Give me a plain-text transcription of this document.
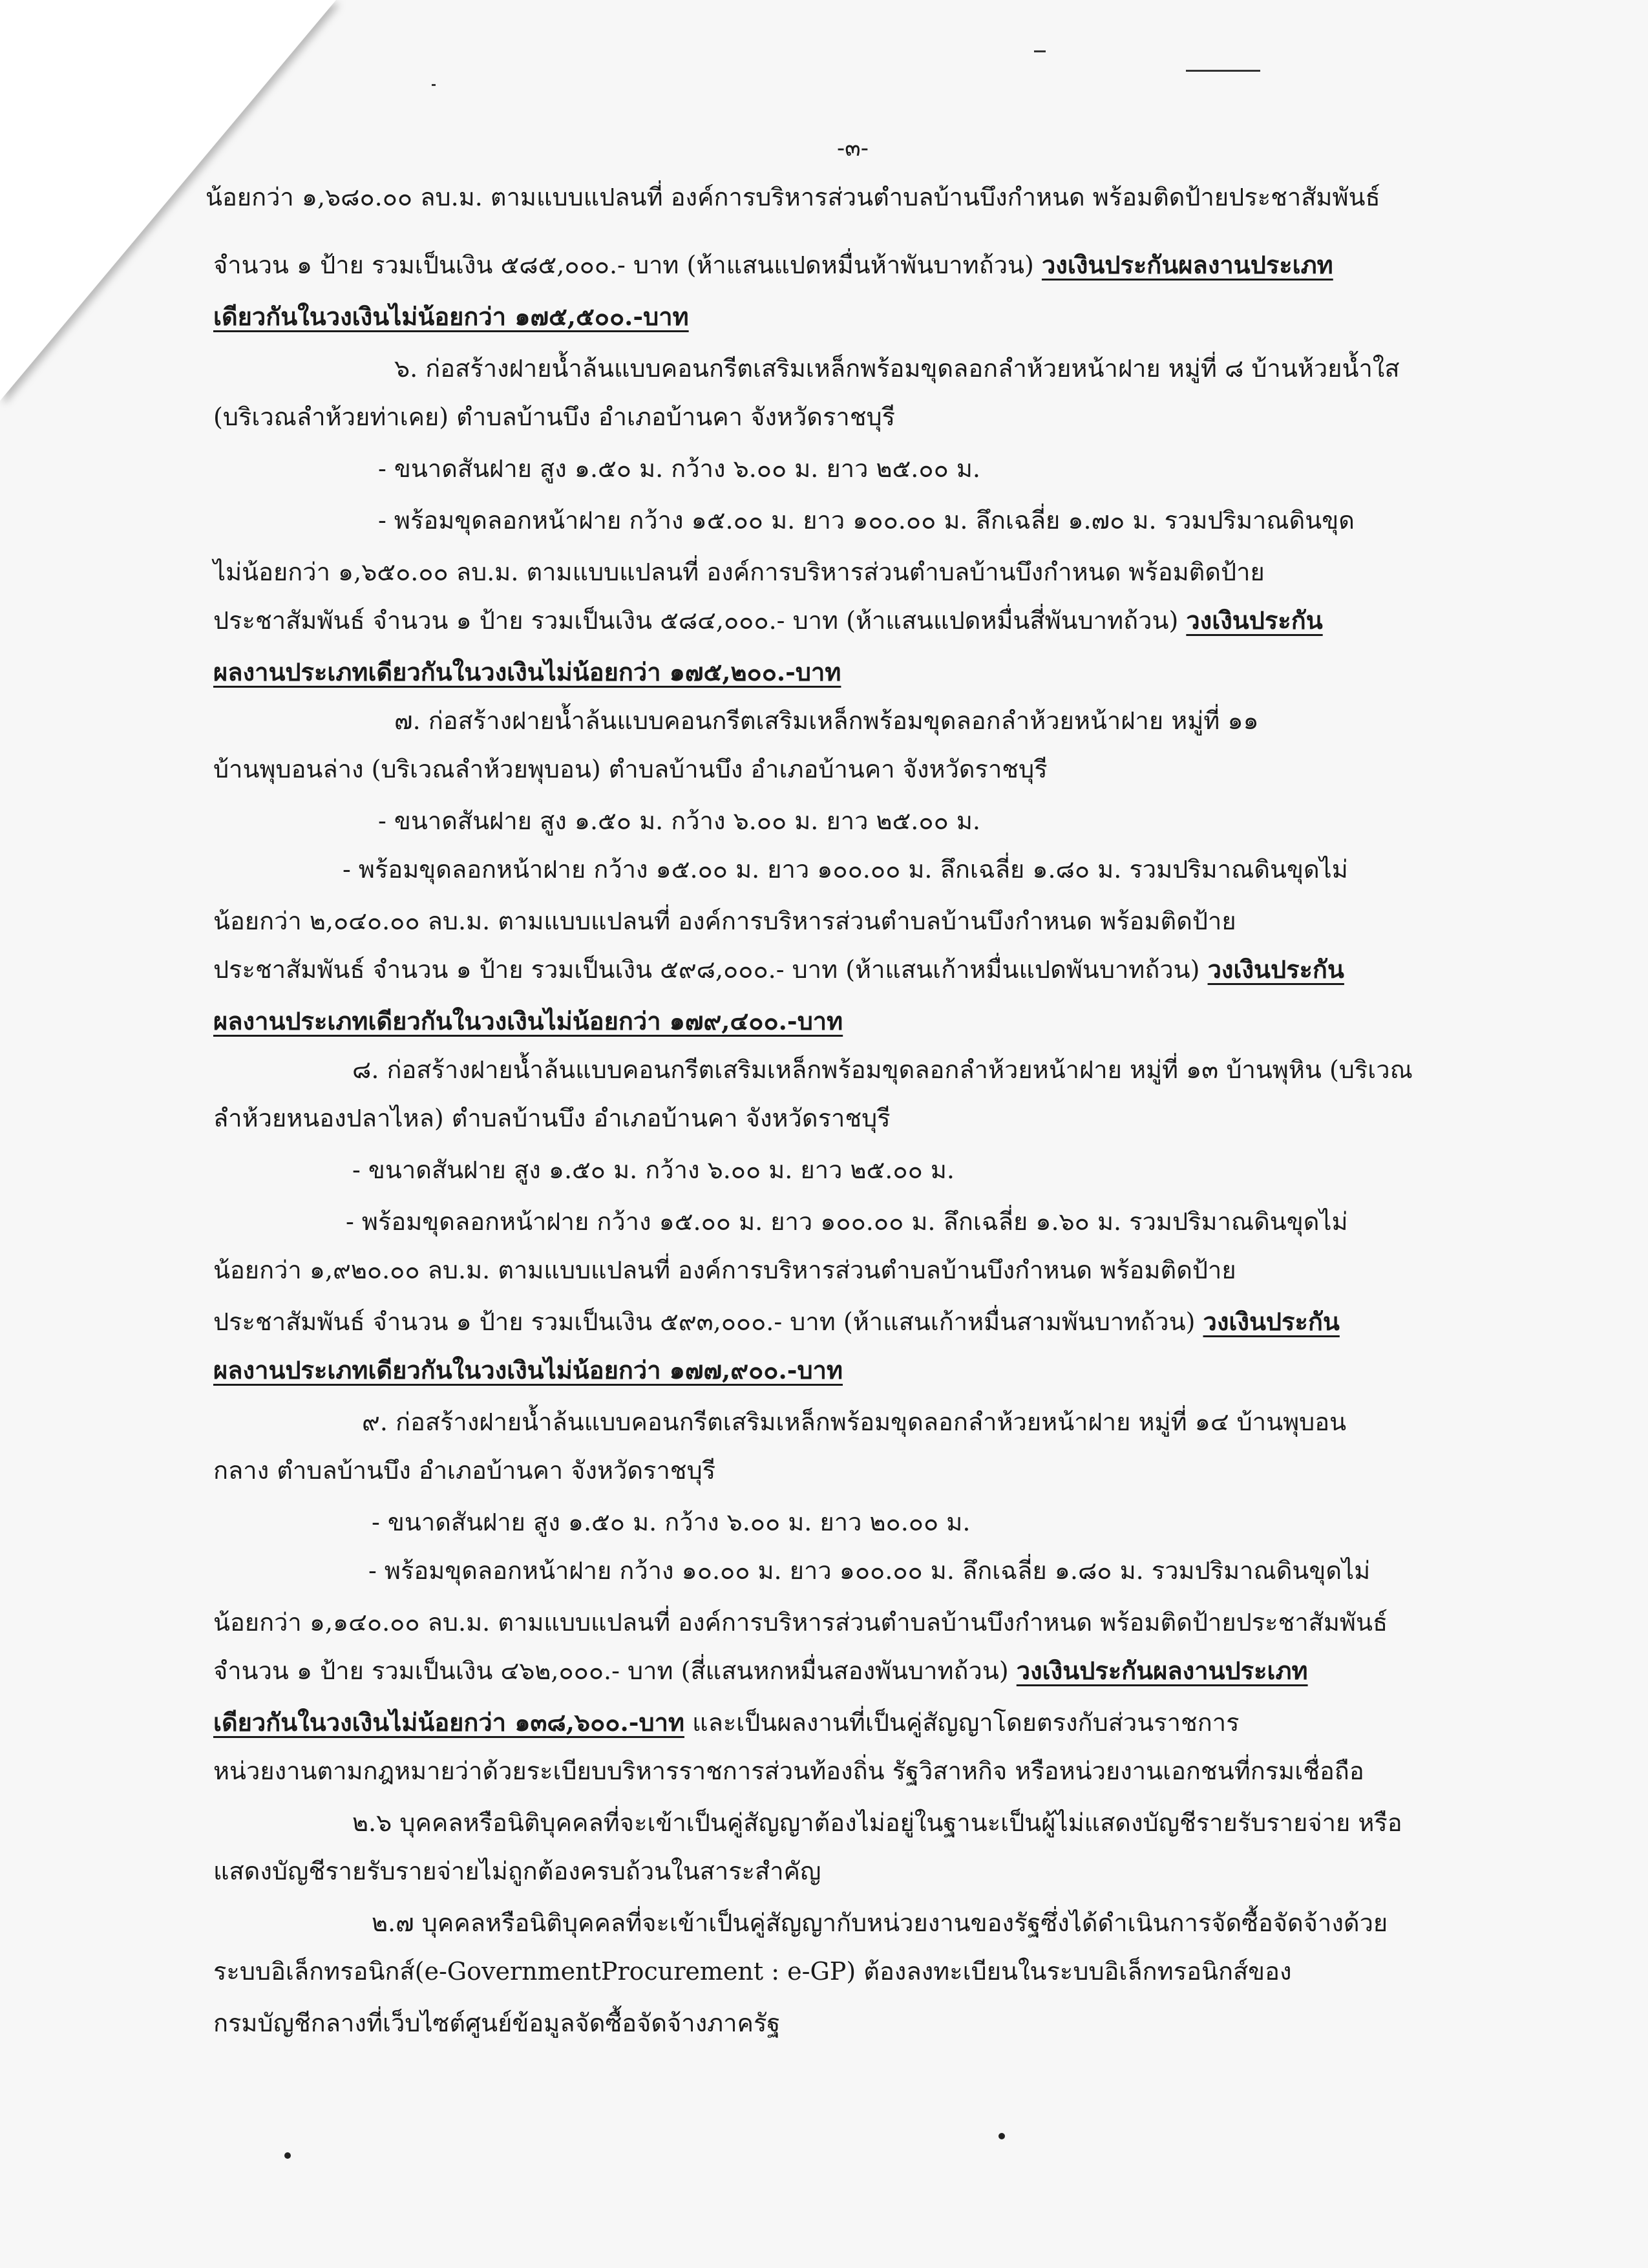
-๓-
น้อยกว่า ๑,๖๘๐.๐๐ ลบ.ม. ตามแบบแปลนที่ องค์การบริหารส่วนตำบลบ้านบึงกำหนด พร้อมติดป้ายประชาสัมพันธ์
จำนวน ๑ ป้าย รวมเป็นเงิน ๕๘๕,๐๐๐.- บาท (ห้าแสนแปดหมื่นห้าพันบาทถ้วน) วงเงินประกันผลงานประเภท
เดียวกันในวงเงินไม่น้อยกว่า ๑๗๕,๕๐๐.-บาท
๖. ก่อสร้างฝายน้ำล้นแบบคอนกรีตเสริมเหล็กพร้อมขุดลอกลำห้วยหน้าฝาย หมู่ที่ ๘ บ้านห้วยน้ำใส
(บริเวณลำห้วยท่าเคย) ตำบลบ้านบึง อำเภอบ้านคา จังหวัดราชบุรี
- ขนาดสันฝาย สูง ๑.๕๐ ม. กว้าง ๖.๐๐ ม. ยาว ๒๕.๐๐ ม.
- พร้อมขุดลอกหน้าฝาย กว้าง ๑๕.๐๐ ม. ยาว ๑๐๐.๐๐ ม. ลึกเฉลี่ย ๑.๗๐ ม. รวมปริมาณดินขุด
ไม่น้อยกว่า ๑,๖๕๐.๐๐ ลบ.ม. ตามแบบแปลนที่ องค์การบริหารส่วนตำบลบ้านบึงกำหนด พร้อมติดป้าย
ประชาสัมพันธ์ จำนวน ๑ ป้าย รวมเป็นเงิน ๕๘๔,๐๐๐.- บาท (ห้าแสนแปดหมื่นสี่พันบาทถ้วน) วงเงินประกัน
ผลงานประเภทเดียวกันในวงเงินไม่น้อยกว่า ๑๗๕,๒๐๐.-บาท
๗. ก่อสร้างฝายน้ำล้นแบบคอนกรีตเสริมเหล็กพร้อมขุดลอกลำห้วยหน้าฝาย หมู่ที่ ๑๑
บ้านพุบอนล่าง (บริเวณลำห้วยพุบอน) ตำบลบ้านบึง อำเภอบ้านคา จังหวัดราชบุรี
- ขนาดสันฝาย สูง ๑.๕๐ ม. กว้าง ๖.๐๐ ม. ยาว ๒๕.๐๐ ม.
- พร้อมขุดลอกหน้าฝาย กว้าง ๑๕.๐๐ ม. ยาว ๑๐๐.๐๐ ม. ลึกเฉลี่ย ๑.๘๐ ม. รวมปริมาณดินขุดไม่
น้อยกว่า ๒,๐๔๐.๐๐ ลบ.ม. ตามแบบแปลนที่ องค์การบริหารส่วนตำบลบ้านบึงกำหนด พร้อมติดป้าย
ประชาสัมพันธ์ จำนวน ๑ ป้าย รวมเป็นเงิน ๕๙๘,๐๐๐.- บาท (ห้าแสนเก้าหมื่นแปดพันบาทถ้วน) วงเงินประกัน
ผลงานประเภทเดียวกันในวงเงินไม่น้อยกว่า ๑๗๙,๔๐๐.-บาท
๘. ก่อสร้างฝายน้ำล้นแบบคอนกรีตเสริมเหล็กพร้อมขุดลอกลำห้วยหน้าฝาย หมู่ที่ ๑๓ บ้านพุหิน (บริเวณ
ลำห้วยหนองปลาไหล) ตำบลบ้านบึง อำเภอบ้านคา จังหวัดราชบุรี
- ขนาดสันฝาย สูง ๑.๕๐ ม. กว้าง ๖.๐๐ ม. ยาว ๒๕.๐๐ ม.
- พร้อมขุดลอกหน้าฝาย กว้าง ๑๕.๐๐ ม. ยาว ๑๐๐.๐๐ ม. ลึกเฉลี่ย ๑.๖๐ ม. รวมปริมาณดินขุดไม่
น้อยกว่า ๑,๙๒๐.๐๐ ลบ.ม. ตามแบบแปลนที่ องค์การบริหารส่วนตำบลบ้านบึงกำหนด พร้อมติดป้าย
ประชาสัมพันธ์ จำนวน ๑ ป้าย รวมเป็นเงิน ๕๙๓,๐๐๐.- บาท (ห้าแสนเก้าหมื่นสามพันบาทถ้วน) วงเงินประกัน
ผลงานประเภทเดียวกันในวงเงินไม่น้อยกว่า ๑๗๗,๙๐๐.-บาท
๙. ก่อสร้างฝายน้ำล้นแบบคอนกรีตเสริมเหล็กพร้อมขุดลอกลำห้วยหน้าฝาย หมู่ที่ ๑๔ บ้านพุบอน
กลาง ตำบลบ้านบึง อำเภอบ้านคา จังหวัดราชบุรี
- ขนาดสันฝาย สูง ๑.๕๐ ม. กว้าง ๖.๐๐ ม. ยาว ๒๐.๐๐ ม.
- พร้อมขุดลอกหน้าฝาย กว้าง ๑๐.๐๐ ม. ยาว ๑๐๐.๐๐ ม. ลึกเฉลี่ย ๑.๘๐ ม. รวมปริมาณดินขุดไม่
น้อยกว่า ๑,๑๔๐.๐๐ ลบ.ม. ตามแบบแปลนที่ องค์การบริหารส่วนตำบลบ้านบึงกำหนด พร้อมติดป้ายประชาสัมพันธ์
จำนวน ๑ ป้าย รวมเป็นเงิน ๔๖๒,๐๐๐.- บาท (สี่แสนหกหมื่นสองพันบาทถ้วน) วงเงินประกันผลงานประเภท
เดียวกันในวงเงินไม่น้อยกว่า ๑๓๘,๖๐๐.-บาท และเป็นผลงานที่เป็นคู่สัญญาโดยตรงกับส่วนราชการ
หน่วยงานตามกฎหมายว่าด้วยระเบียบบริหารราชการส่วนท้องถิ่น รัฐวิสาหกิจ หรือหน่วยงานเอกชนที่กรมเชื่อถือ
๒.๖ บุคคลหรือนิติบุคคลที่จะเข้าเป็นคู่สัญญาต้องไม่อยู่ในฐานะเป็นผู้ไม่แสดงบัญชีรายรับรายจ่าย หรือ
แสดงบัญชีรายรับรายจ่ายไม่ถูกต้องครบถ้วนในสาระสำคัญ
๒.๗ บุคคลหรือนิติบุคคลที่จะเข้าเป็นคู่สัญญากับหน่วยงานของรัฐซึ่งได้ดำเนินการจัดซื้อจัดจ้างด้วย
ระบบอิเล็กทรอนิกส์(e-GovernmentProcurement : e-GP) ต้องลงทะเบียนในระบบอิเล็กทรอนิกส์ของ
กรมบัญชีกลางที่เว็บไซต์ศูนย์ข้อมูลจัดซื้อจัดจ้างภาครัฐ
